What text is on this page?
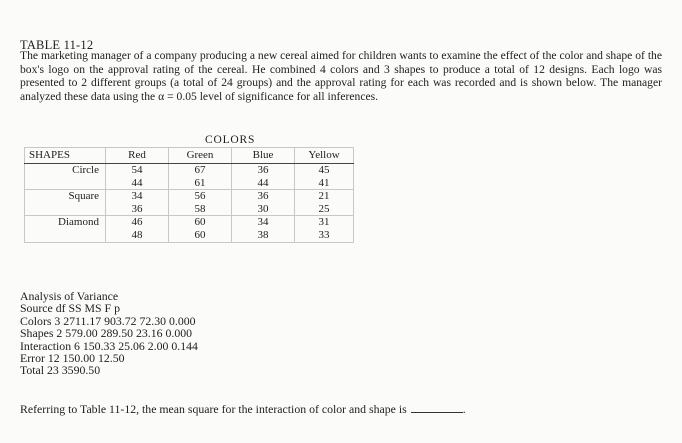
TABLE 11-12
The marketing manager of a company producing a new cereal aimed for children wants to examine the effect of the color and shape of the box's logo on the approval rating of the cereal. He combined 4 colors and 3 shapes to produce a total of 12 designs. Each logo was presented to 2 different groups (a total of 24 groups) and the approval rating for each was recorded and is shown below. The manager analyzed these data using the α = 0.05 level of significance for all inferences.
COLORS
SHAPES	Red	Green	Blue	Yellow
Circle	54	67	36	45
	44	61	44	41
Square	34	56	36	21
	36	58	30	25
Diamond	46	60	34	31
	48	60	38	33
Analysis of Variance
Source df SS MS F p
Colors 3 2711.17 903.72 72.30 0.000
Shapes 2 579.00 289.50 23.16 0.000
Interaction 6 150.33 25.06 2.00 0.144
Error 12 150.00 12.50
Total 23 3590.50
Referring to Table 11-12, the mean square for the interaction of color and shape is	.
